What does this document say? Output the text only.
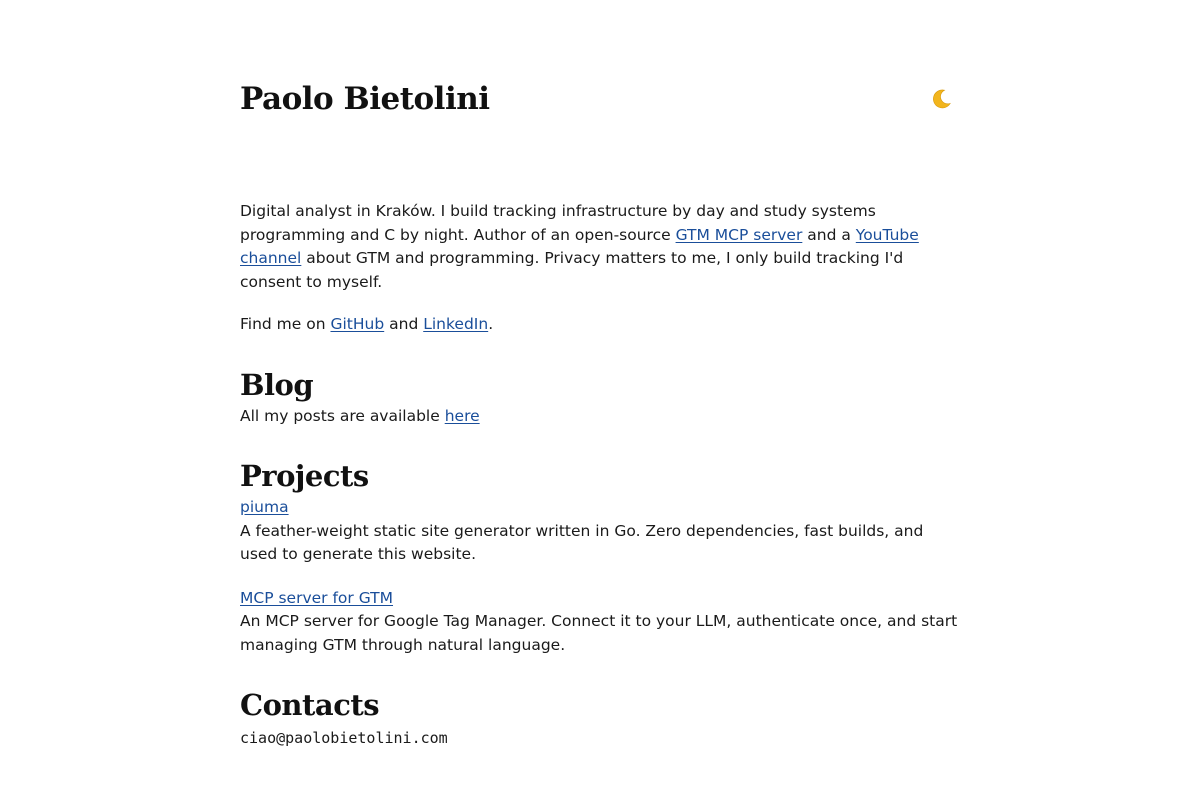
Paolo Bietolini

Digital analyst in Kraków. I build tracking infrastructure by day and study systems programming and C by night. Author of an open-source GTM MCP server and a YouTube channel about GTM and programming. Privacy matters to me, I only build tracking I'd consent to myself.

Find me on GitHub and LinkedIn.

Blog

All my posts are available here

Projects
piuma
A feather-weight static site generator written in Go. Zero dependencies, fast builds, and used to generate this website.
MCP server for GTM
An MCP server for Google Tag Manager. Connect it to your LLM, authenticate once, and start managing GTM through natural language.
Contacts
ciao@paolobietolini.com
